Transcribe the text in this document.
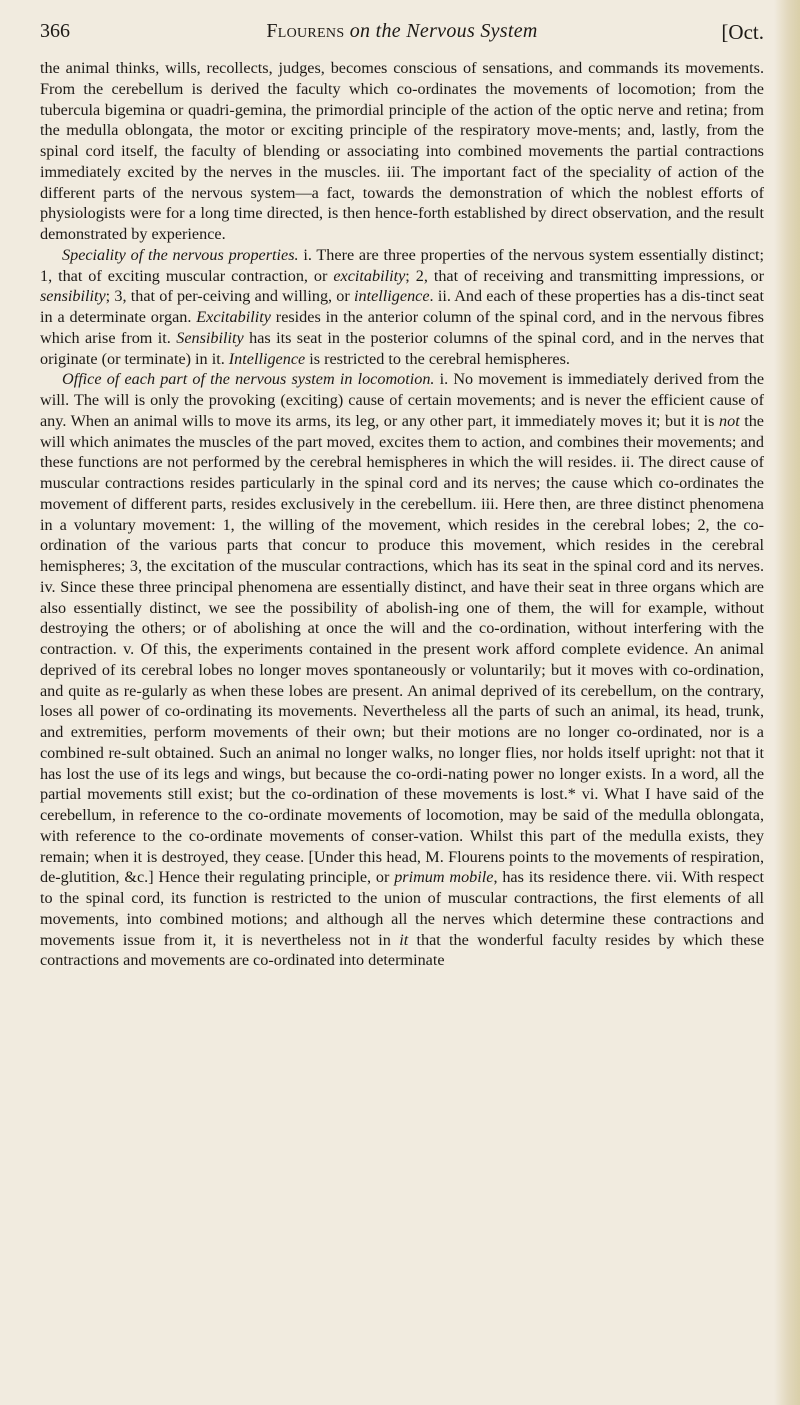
366	Flourens on the Nervous System	[Oct.

the animal thinks, wills, recollects, judges, becomes conscious of sensations, and commands its movements. From the cerebellum is derived the faculty which co-ordinates the movements of locomotion; from the tubercula bigemina or quadri-gemina, the primordial principle of the action of the optic nerve and retina; from the medulla oblongata, the motor or exciting principle of the respiratory move-ments; and, lastly, from the spinal cord itself, the faculty of blending or associating into combined movements the partial contractions immediately excited by the nerves in the muscles. iii. The important fact of the speciality of action of the different parts of the nervous system—a fact, towards the demonstration of which the noblest efforts of physiologists were for a long time directed, is then hence-forth established by direct observation, and the result demonstrated by experience.

Speciality of the nervous properties. i. There are three properties of the nervous system essentially distinct; 1, that of exciting muscular contraction, or excitability; 2, that of receiving and transmitting impressions, or sensibility; 3, that of per-ceiving and willing, or intelligence. ii. And each of these properties has a dis-tinct seat in a determinate organ. Excitability resides in the anterior column of the spinal cord, and in the nervous fibres which arise from it. Sensibility has its seat in the posterior columns of the spinal cord, and in the nerves that originate (or terminate) in it. Intelligence is restricted to the cerebral hemispheres.

Office of each part of the nervous system in locomotion. i. No movement is immediately derived from the will. The will is only the provoking (exciting) cause of certain movements; and is never the efficient cause of any. When an animal wills to move its arms, its leg, or any other part, it immediately moves it; but it is not the will which animates the muscles of the part moved, excites them to action, and combines their movements; and these functions are not performed by the cerebral hemispheres in which the will resides. ii. The direct cause of muscular contractions resides particularly in the spinal cord and its nerves; the cause which co-ordinates the movement of different parts, resides exclusively in the cerebellum. iii. Here then, are three distinct phenomena in a voluntary movement: 1, the willing of the movement, which resides in the cerebral lobes; 2, the co-ordination of the various parts that concur to produce this movement, which resides in the cerebral hemispheres; 3, the excitation of the muscular contractions, which has its seat in the spinal cord and its nerves. iv. Since these three principal phenomena are essentially distinct, and have their seat in three organs which are also essentially distinct, we see the possibility of abolish-ing one of them, the will for example, without destroying the others; or of abolishing at once the will and the co-ordination, without interfering with the contraction. v. Of this, the experiments contained in the present work afford complete evidence. An animal deprived of its cerebral lobes no longer moves spontaneously or voluntarily; but it moves with co-ordination, and quite as re-gularly as when these lobes are present. An animal deprived of its cerebellum, on the contrary, loses all power of co-ordinating its movements. Nevertheless all the parts of such an animal, its head, trunk, and extremities, perform movements of their own; but their motions are no longer co-ordinated, nor is a combined re-sult obtained. Such an animal no longer walks, no longer flies, nor holds itself upright: not that it has lost the use of its legs and wings, but because the co-ordi-nating power no longer exists. In a word, all the partial movements still exist; but the co-ordination of these movements is lost.* vi. What I have said of the cerebellum, in reference to the co-ordinate movements of locomotion, may be said of the medulla oblongata, with reference to the co-ordinate movements of conser-vation. Whilst this part of the medulla exists, they remain; when it is destroyed, they cease. [Under this head, M. Flourens points to the movements of respiration, de-glutition, &c.] Hence their regulating principle, or primum mobile, has its residence there. vii. With respect to the spinal cord, its function is restricted to the union of muscular contractions, the first elements of all movements, into combined motions; and although all the nerves which determine these contractions and movements issue from it, it is nevertheless not in it that the wonderful faculty resides by which these contractions and movements are co-ordinated into determinate
